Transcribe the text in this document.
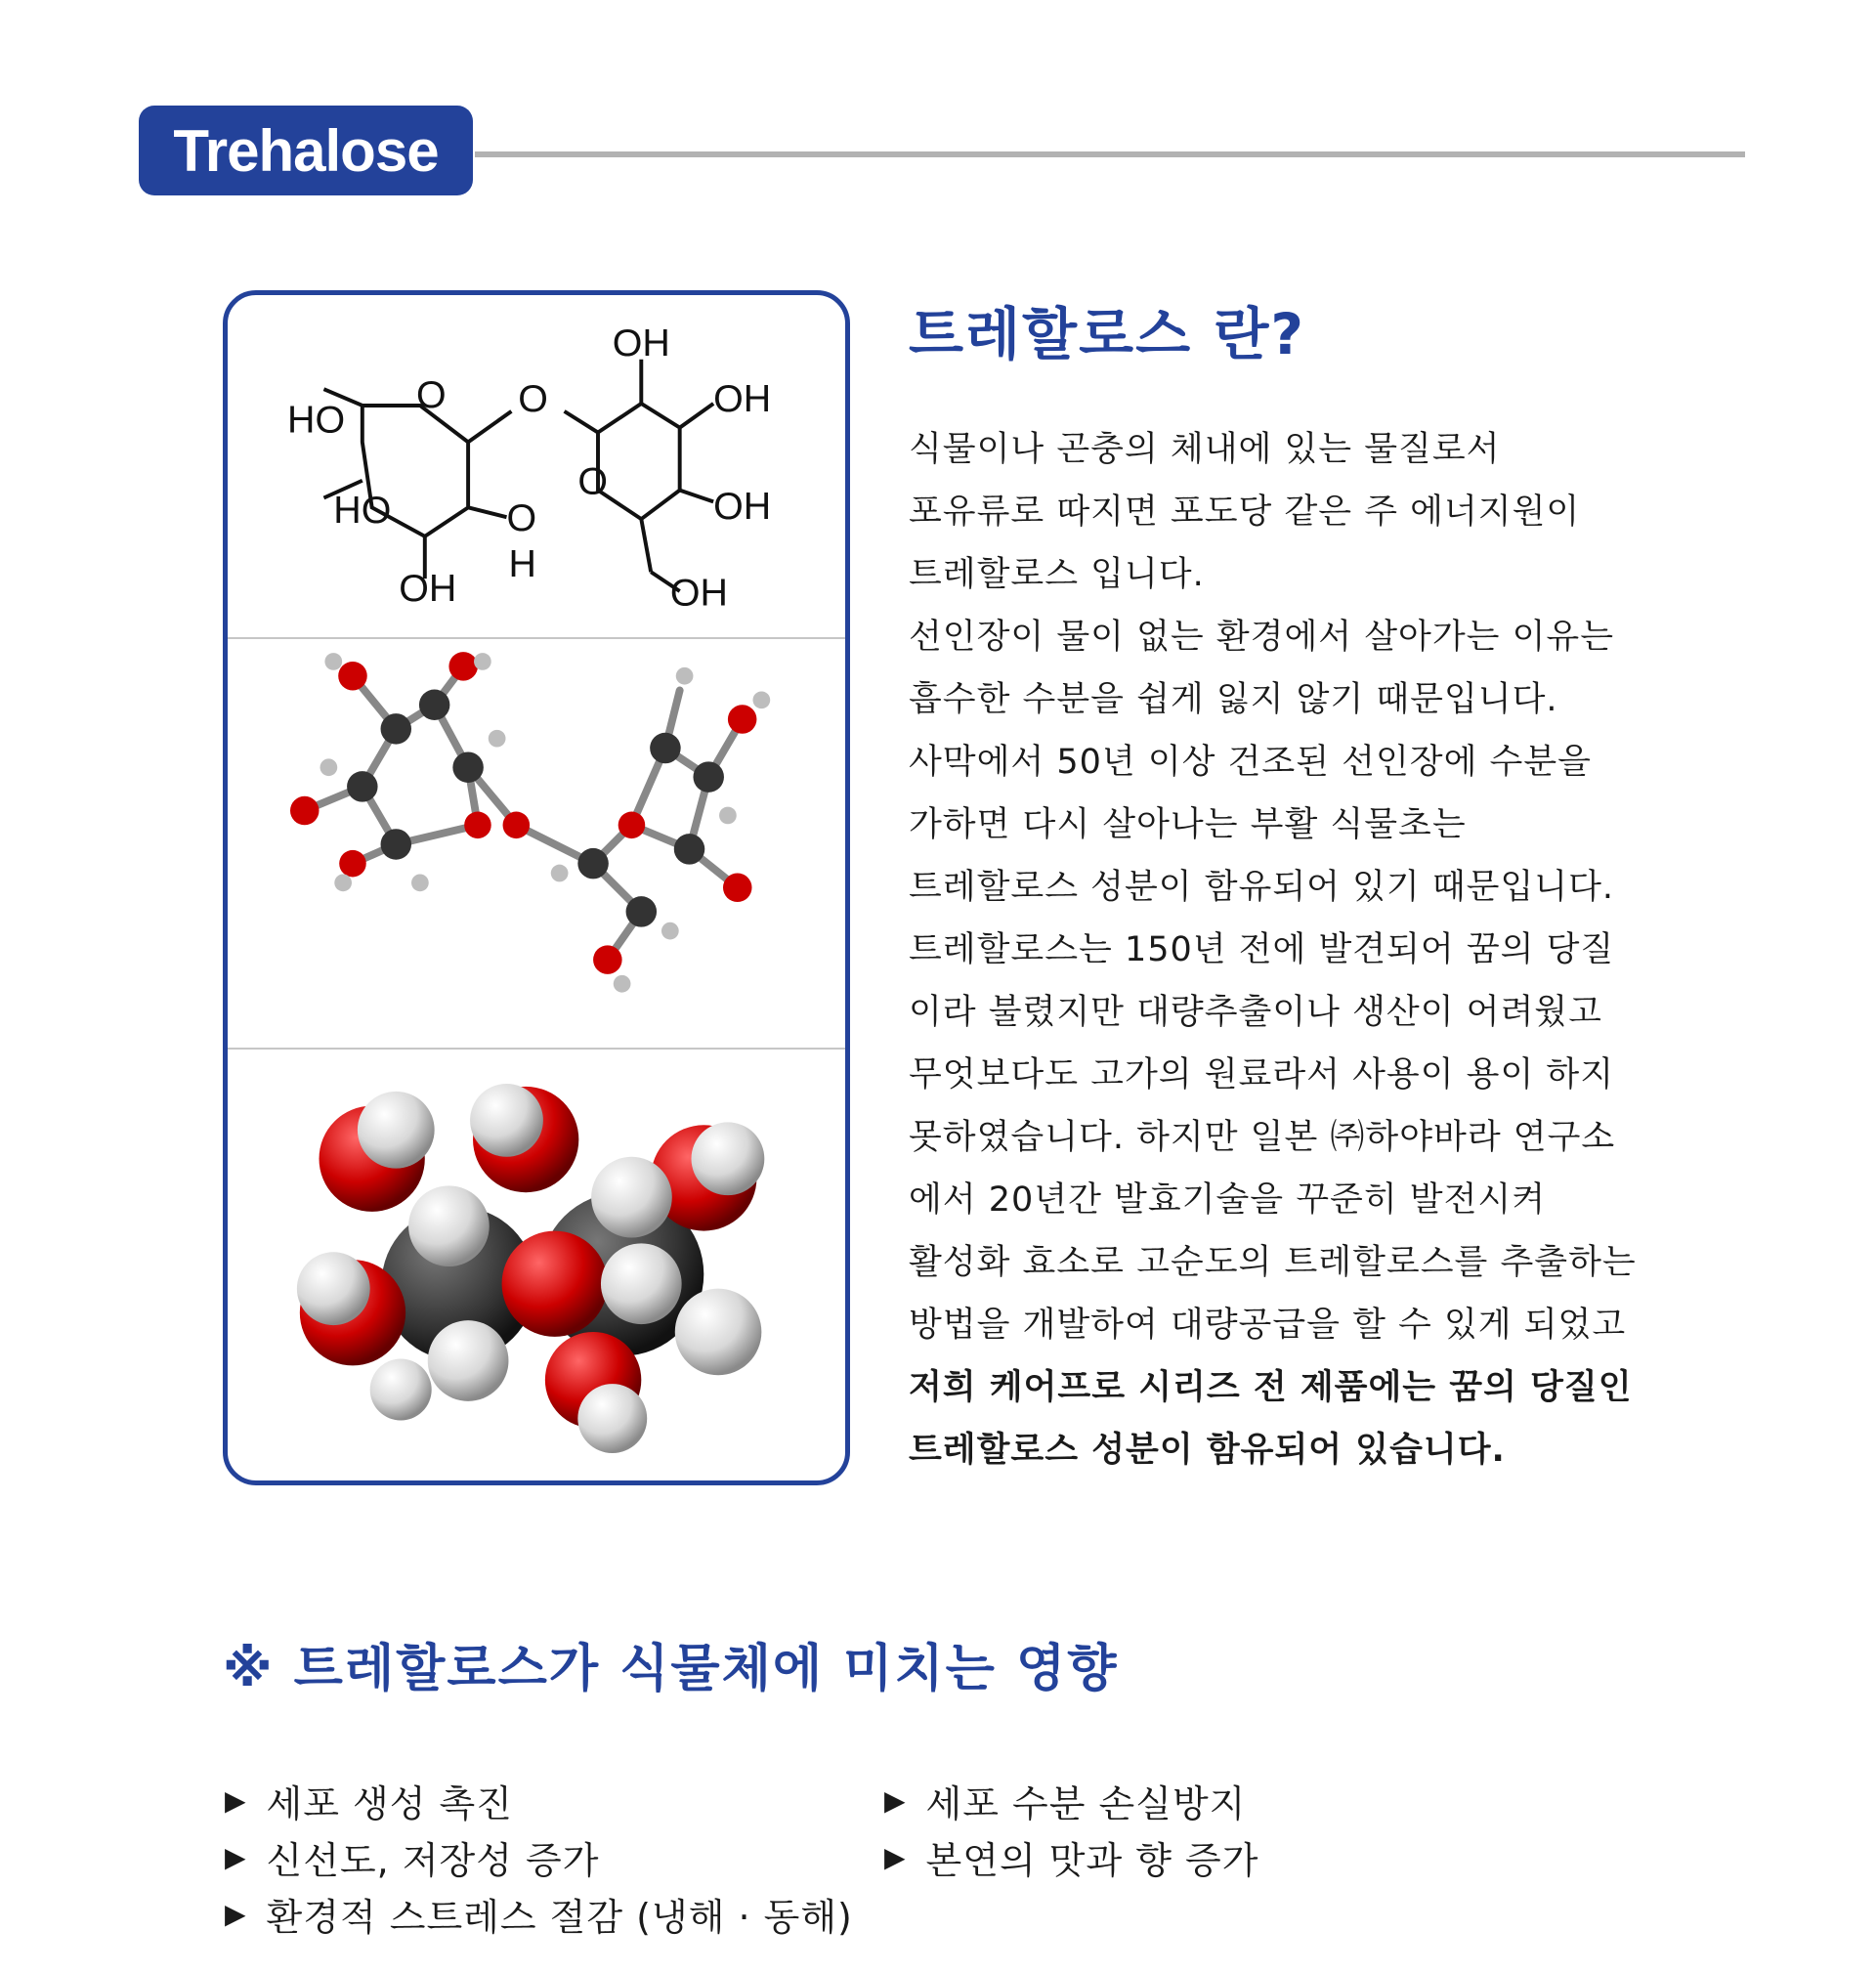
Trehalose
HO
HO
OH
O O
O
H
O
OH
OH
OH
OH
트레할로스 란?
식물이나 곤충의 체내에 있는 물질로서
포유류로 따지면 포도당 같은 주 에너지원이
트레할로스 입니다.
선인장이 물이 없는 환경에서 살아가는 이유는
흡수한 수분을 쉽게 잃지 않기 때문입니다.
사막에서 50년 이상 건조된 선인장에 수분을
가하면 다시 살아나는 부활 식물초는
트레할로스 성분이 함유되어 있기 때문입니다.
트레할로스는 150년 전에 발견되어 꿈의 당질
이라 불렸지만 대량추출이나 생산이 어려웠고
무엇보다도 고가의 원료라서 사용이 용이 하지
못하였습니다. 하지만 일본 ㈜하야바라 연구소
에서 20년간 발효기술을 꾸준히 발전시켜
활성화 효소로 고순도의 트레할로스를 추출하는
방법을 개발하여 대량공급을 할 수 있게 되었고
저희 케어프로 시리즈 전 제품에는 꿈의 당질인
트레할로스 성분이 함유되어 있습니다.
※ 트레할로스가 식물체에 미치는 영향
▶ 세포 생성 촉진	▶ 세포 수분 손실방지
▶ 신선도, 저장성 증가	▶ 본연의 맛과 향 증가
▶ 환경적 스트레스 절감 (냉해 · 동해)
